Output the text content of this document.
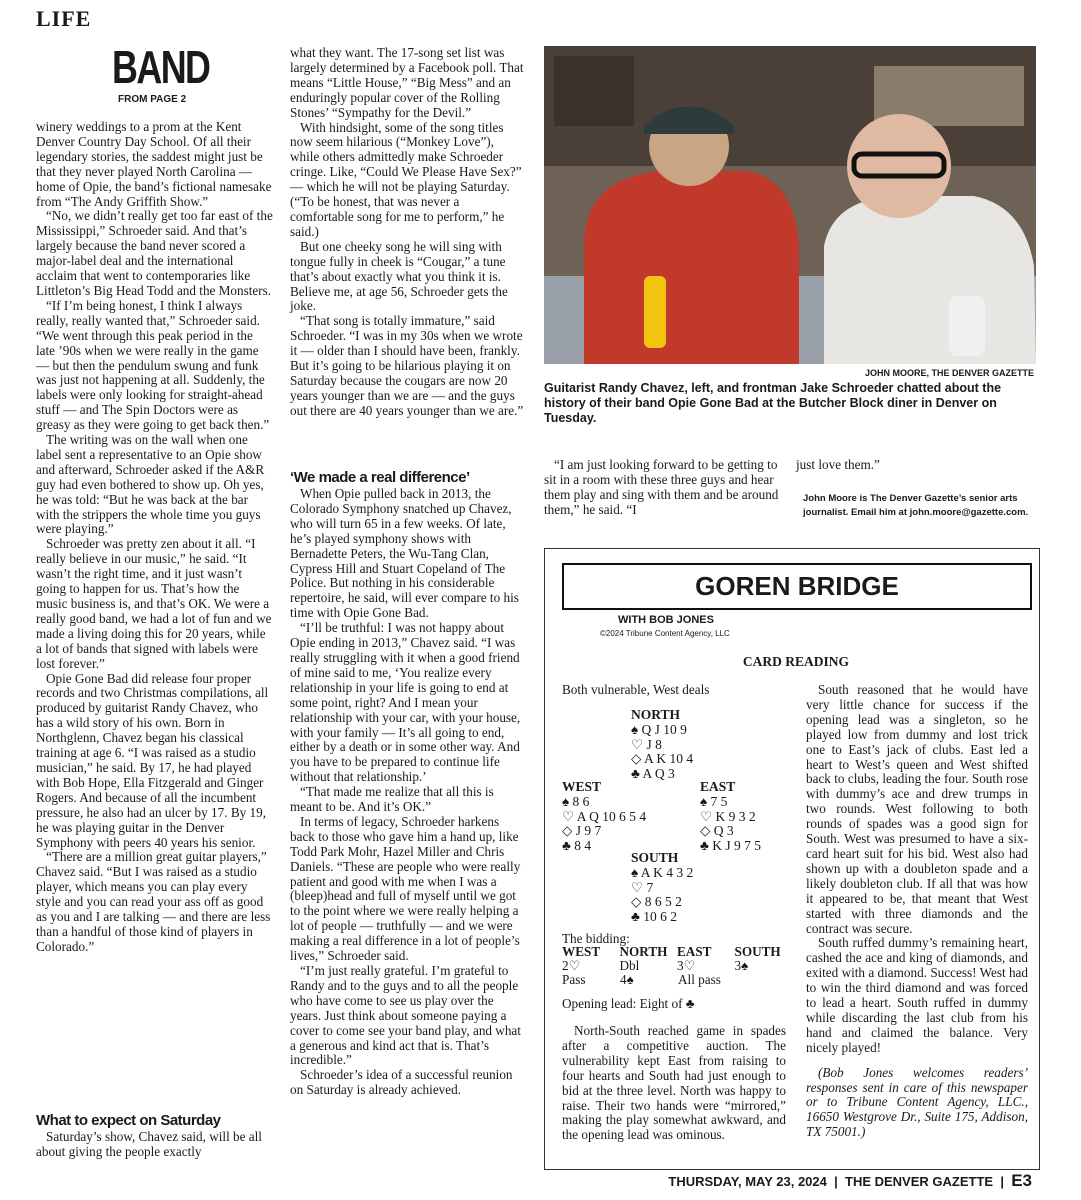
LIFE
BAND
FROM PAGE 2

winery weddings to a prom at the Kent Denver Country Day School. Of all their legendary stories, the saddest might just be that they never played North Carolina — home of Opie, the band’s fictional namesake from “The Andy Griffith Show.”

“No, we didn’t really get too far east of the Mississippi,” Schroeder said. And that’s largely because the band never scored a major-label deal and the international acclaim that went to contemporaries like Littleton’s Big Head Todd and the Monsters.

“If I’m being honest, I think I always really, really wanted that,” Schroeder said. “We went through this peak period in the late ’90s when we were really in the game — but then the pendulum swung and funk was just not happening at all. Suddenly, the labels were only looking for straight-ahead stuff — and The Spin Doctors were as greasy as they were going to get back then.”

The writing was on the wall when one label sent a representative to an Opie show and afterward, Schroeder asked if the A&R guy had even bothered to show up. Oh yes, he was told: “But he was back at the bar with the strippers the whole time you guys were playing.”

Schroeder was pretty zen about it all. “I really believe in our music,” he said. “It wasn’t the right time, and it just wasn’t going to happen for us. That’s how the music business is, and that’s OK. We were a really good band, we had a lot of fun and we made a living doing this for 20 years, while a lot of bands that signed with labels were lost forever.”

Opie Gone Bad did release four proper records and two Christmas compilations, all produced by guitarist Randy Chavez, who has a wild story of his own. Born in Northglenn, Chavez began his classical training at age 6. “I was raised as a studio musician,” he said. By 17, he had played with Bob Hope, Ella Fitzgerald and Ginger Rogers. And because of all the incumbent pressure, he also had an ulcer by 17. By 19, he was playing guitar in the Denver Symphony with peers 40 years his senior.

“There are a million great guitar players,” Chavez said. “But I was raised as a studio player, which means you can play every style and you can read your ass off as good as you and I are talking — and there are less than a handful of those kind of players in Colorado.”

What to expect on Saturday

Saturday’s show, Chavez said, will be all about giving the people exactly

what they want. The 17-song set list was largely determined by a Facebook poll. That means “Little House,” “Big Mess” and an enduringly popular cover of the Rolling Stones’ “Sympathy for the Devil.”

With hindsight, some of the song titles now seem hilarious (“Monkey Love”), while others admittedly make Schroeder cringe. Like, “Could We Please Have Sex?” — which he will not be playing Saturday. (“To be honest, that was never a comfortable song for me to perform,” he said.)

But one cheeky song he will sing with tongue fully in cheek is “Cougar,” a tune that’s about exactly what you think it is. Believe me, at age 56, Schroeder gets the joke.

“That song is totally immature,” said Schroeder. “I was in my 30s when we wrote it — older than I should have been, frankly. But it’s going to be hilarious playing it on Saturday because the cougars are now 20 years younger than we are — and the guys out there are 40 years younger than we are.”

‘We made a real difference’

When Opie pulled back in 2013, the Colorado Symphony snatched up Chavez, who will turn 65 in a few weeks. Of late, he’s played symphony shows with Bernadette Peters, the Wu-Tang Clan, Cypress Hill and Stuart Copeland of The Police. But nothing in his considerable repertoire, he said, will ever compare to his time with Opie Gone Bad.

“I’ll be truthful: I was not happy about Opie ending in 2013,” Chavez said. “I was really struggling with it when a good friend of mine said to me, ‘You realize every relationship in your life is going to end at some point, right? And I mean your relationship with your car, with your house, with your family — It’s all going to end, either by a death or in some other way. And you have to be prepared to continue life without that relationship.’

“That made me realize that all this is meant to be. And it’s OK.”

In terms of legacy, Schroeder harkens back to those who gave him a hand up, like Todd Park Mohr, Hazel Miller and Chris Daniels. “These are people who were really patient and good with me when I was a (bleep)head and full of myself until we got to the point where we were really helping a lot of people — truthfully — and we were making a real difference in a lot of people’s lives,” Schroeder said.

“I’m just really grateful. I’m grateful to Randy and to the guys and to all the people who have come to see us play over the years. Just think about someone paying a cover to come see your band play, and what a generous and kind act that is. That’s incredible.”

Schroeder’s idea of a successful reunion on Saturday is already achieved.

JOHN MOORE, THE DENVER GAZETTE
Guitarist Randy Chavez, left, and frontman Jake Schroeder chatted about the history of their band Opie Gone Bad at the Butcher Block diner in Denver on Tuesday.

“I am just looking forward to be getting to sit in a room with these three guys and hear them play and sing with them and be around them,” he said. “I

just love them.”
John Moore is The Denver Gazette’s senior arts journalist. Email him at john.moore@gazette.com.
GOREN BRIDGE
WITH BOB JONES
©2024 Tribune Content Agency, LLC
CARD READING
Both vulnerable, West deals
NORTH
♠ Q J 10 9
♡ J 8
◇ A K 10 4
♣ A Q 3
WEST
♠ 8 6
♡ A Q 10 6 5 4
◇ J 9 7
♣ 8 4
EAST
♠ 7 5
♡ K 9 3 2
◇ Q 3
♣ K J 9 7 5
SOUTH
♠ A K 4 3 2
♡ 7
◇ 8 6 5 2
♣ 10 6 2
The bidding:
WEST	NORTH EAST	SOUTH
2♡	Dbl	3♡	3♠
Pass	4♠	All pass
Opening lead: Eight of ♣

North-South reached game in spades after a competitive auction. The vulnerability kept East from raising to four hearts and South had just enough to bid at the three level. North was happy to raise. Their two hands were “mirrored,” making the play somewhat awkward, and the opening lead was ominous.

South reasoned that he would have very little chance for success if the opening lead was a singleton, so he played low from dummy and lost trick one to East’s jack of clubs. East led a heart to West’s queen and West shifted back to clubs, leading the four. South rose with dummy’s ace and drew trumps in two rounds. West following to both rounds of spades was a good sign for South. West was presumed to have a six-card heart suit for his bid. West also had shown up with a doubleton spade and a likely doubleton club. If all that was how it appeared to be, that meant that West started with three diamonds and the contract was secure.

South ruffed dummy’s remaining heart, cashed the ace and king of diamonds, and exited with a diamond. Success! West had to win the third diamond and was forced to lead a heart. South ruffed in dummy while discarding the last club from his hand and claimed the balance. Very nicely played!

(Bob Jones welcomes readers’ responses sent in care of this newspaper or to Tribune Content Agency, LLC., 16650 Westgrove Dr., Suite 175, Addison, TX 75001.)

THURSDAY, MAY 23, 2024  |  THE DENVER GAZETTE  |  E3
